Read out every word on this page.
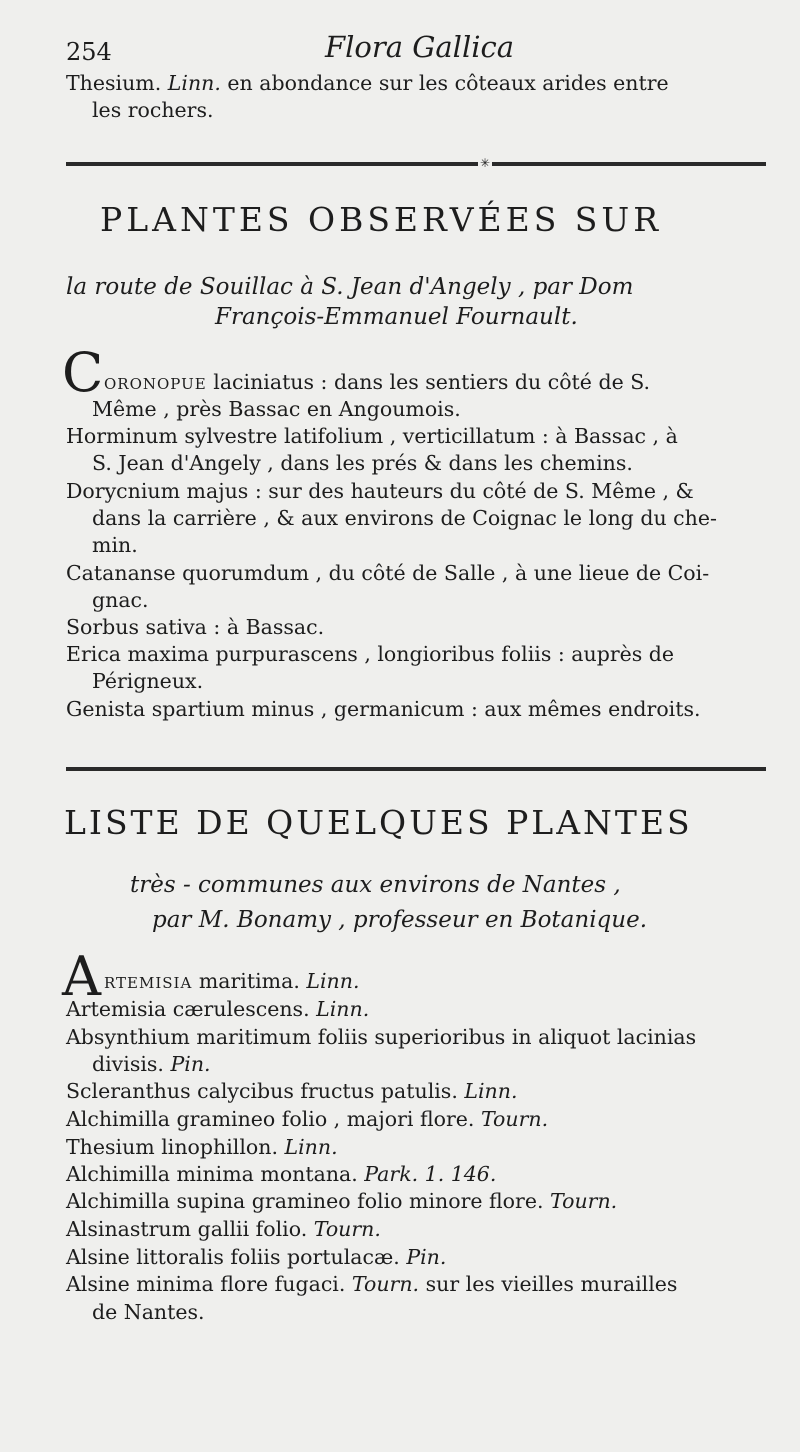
254	Flora Gallica
Thesium. Linn. en abondance sur les côteaux arides entre
les rochers.
✳
PLANTES OBSERVÉES SUR
la route de Souillac à S. Jean d'Angely , par Dom
François-Emmanuel Fournault.
C ORONOPUE laciniatus : dans les sentiers du côté de S.
Même , près Bassac en Angoumois.
Horminum sylvestre latifolium , verticillatum : à Bassac , à
S. Jean d'Angely , dans les prés & dans les chemins.
Dorycnium majus : sur des hauteurs du côté de S. Même , &
dans la carrière , & aux environs de Coignac le long du che-
min.
Catananse quorumdum , du côté de Salle , à une lieue de Coi-
gnac.
Sorbus sativa : à Bassac.
Erica maxima purpurascens , longioribus foliis : auprès de
Périgneux.
Genista spartium minus , germanicum : aux mêmes endroits.
LISTE DE QUELQUES PLANTES
très - communes aux environs de Nantes ,
par M. Bonamy , professeur en Botanique.
A RTEMISIA maritima. Linn.
Artemisia cærulescens. Linn.
Absynthium maritimum foliis superioribus in aliquot lacinias
divisis. Pin.
Scleranthus calycibus fructus patulis. Linn.
Alchimilla gramineo folio , majori flore. Tourn.
Thesium linophillon. Linn.
Alchimilla minima montana. Park. 1. 146.
Alchimilla supina gramineo folio minore flore. Tourn.
Alsinastrum gallii folio. Tourn.
Alsine littoralis foliis portulacæ. Pin.
Alsine minima flore fugaci. Tourn. sur les vieilles murailles
de Nantes.
